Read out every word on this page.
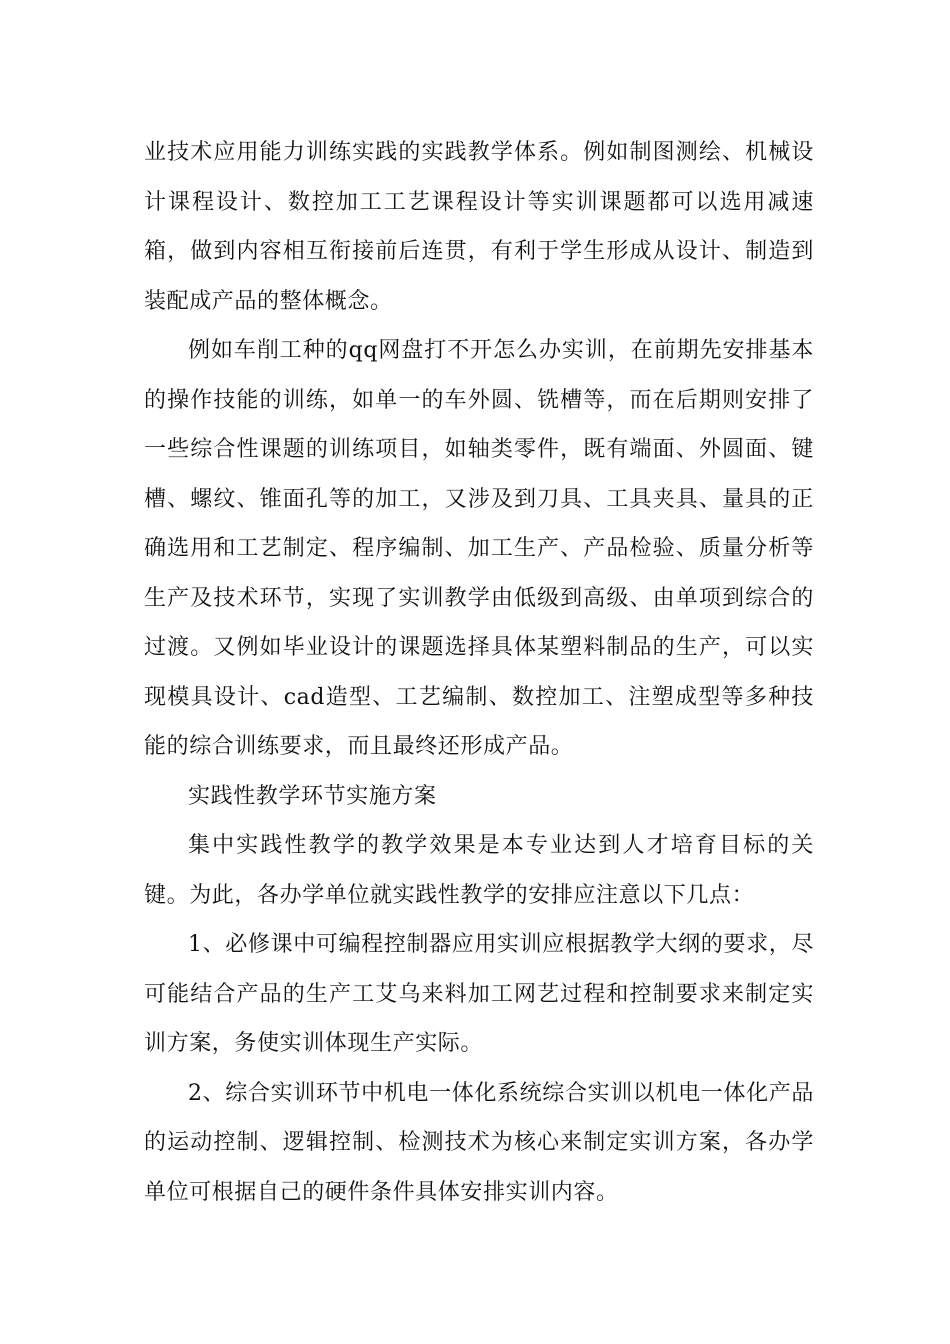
业技术应用能力训练实践的实践教学体系。例如制图测绘、机械设计课程设计、数控加工工艺课程设计等实训课题都可以选用减速箱，做到内容相互衔接前后连贯，有利于学生形成从设计、制造到装配成产品的整体概念。

例如车削工种的qq网盘打不开怎么办实训，在前期先安排基本的操作技能的训练，如单一的车外圆、铣槽等，而在后期则安排了一些综合性课题的训练项目，如轴类零件，既有端面、外圆面、键槽、螺纹、锥面孔等的加工，又涉及到刀具、工具夹具、量具的正确选用和工艺制定、程序编制、加工生产、产品检验、质量分析等生产及技术环节，实现了实训教学由低级到高级、由单项到综合的过渡。又例如毕业设计的课题选择具体某塑料制品的生产，可以实现模具设计、cad造型、工艺编制、数控加工、注塑成型等多种技能的综合训练要求，而且最终还形成产品。

实践性教学环节实施方案

集中实践性教学的教学效果是本专业达到人才培育目标的关键。为此，各办学单位就实践性教学的安排应注意以下几点：

1、必修课中可编程控制器应用实训应根据教学大纲的要求，尽可能结合产品的生产工艾乌来料加工网艺过程和控制要求来制定实训方案，务使实训体现生产实际。

2、综合实训环节中机电一体化系统综合实训以机电一体化产品的运动控制、逻辑控制、检测技术为核心来制定实训方案，各办学单位可根据自己的硬件条件具体安排实训内容。
